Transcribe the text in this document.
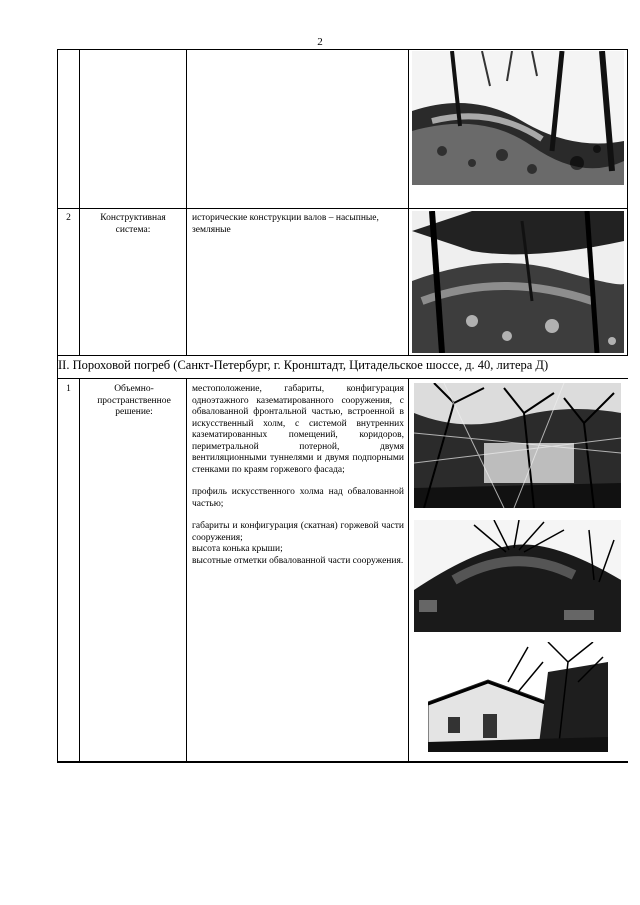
2
2	Конструктивная система:
исторические конструкции валов – насыпные, земляные
II. Пороховой погреб (Санкт-Петербург, г. Кронштадт, Цитадельское шоссе, д. 40, литера Д)
1	Объемно-пространственное решение:

местоположение, габариты, конфигурация одноэтажного казематированного сооружения, с обвалованной фронтальной частью, встроенной в искусственный холм, с системой внутренних казематированных помещений, коридоров, периметральной потерной, двумя вентиляционными туннелями и двумя подпорными стенками по краям горжевого фасада;

профиль искусственного холма над обвалованной частью;

габариты и конфигурация (скатная) горжевой части сооружения;

высота конька крыши;

высотные отметки обвалованной части сооружения.
